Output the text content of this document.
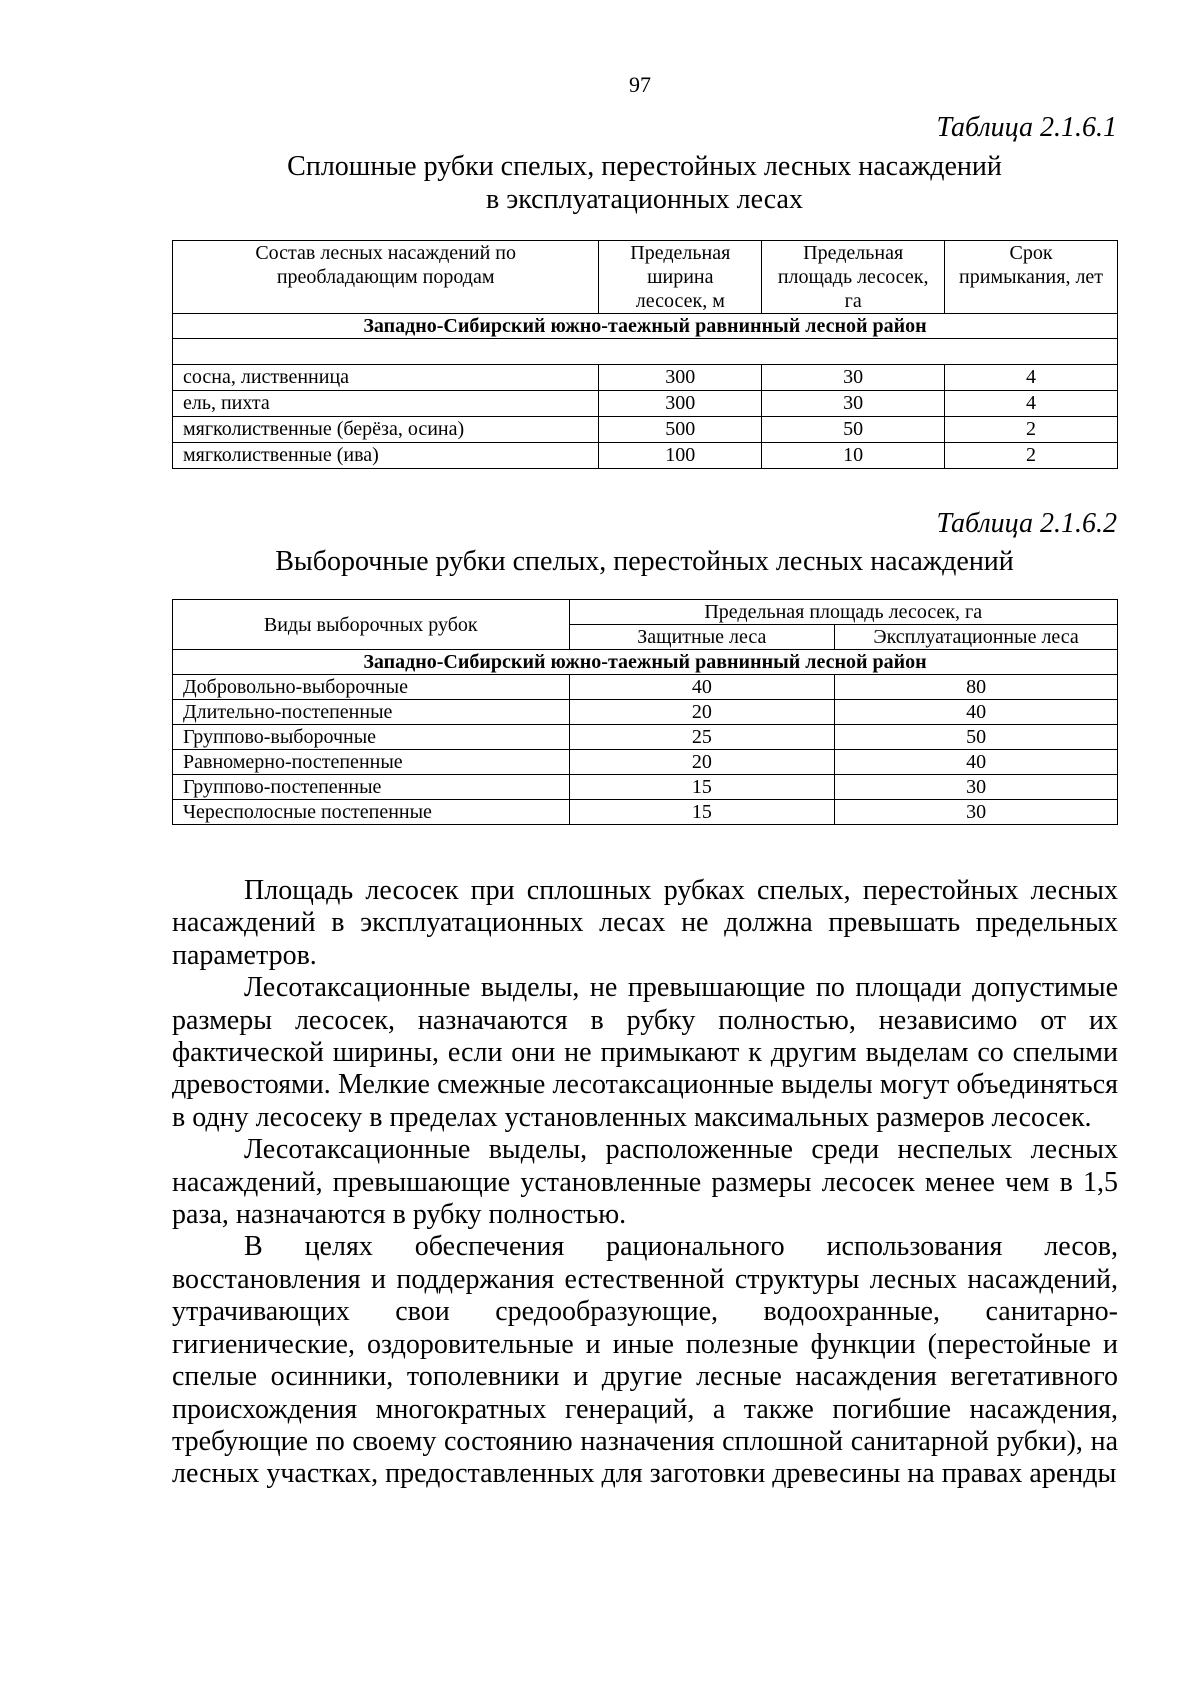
97
Таблица 2.1.6.1
Сплошные рубки спелых, перестойных лесных насаждений
в эксплуатационных лесах
Состав лесных насаждений по преобладающим породам	Предельная ширина лесосек, м	Предельная площадь лесосек, га	Срок примыкания, лет
Западно-Сибирский южно-таежный равнинный лесной район			

сосна, лиственница	300	30	4
ель, пихта	300	30	4
мягколиственные (берёза, осина)	500	50	2
мягколиственные (ива)	100	10	2
Таблица 2.1.6.2
Выборочные рубки спелых, перестойных лесных насаждений
Виды выборочных рубок	Предельная площадь лесосек, га	
	Защитные леса	Эксплуатационные леса
Западно-Сибирский южно-таежный равнинный лесной район		
Добровольно-выборочные	40	80
Длительно-постепенные	20	40
Группово-выборочные	25	50
Равномерно-постепенные	20	40
Группово-постепенные	15	30
Чересполосные постепенные	15	30

Площадь лесосек при сплошных рубках спелых, перестойных лесных насаждений в эксплуатационных лесах не должна превышать предельных параметров.

Лесотаксационные выделы, не превышающие по площади допустимые размеры лесосек, назначаются в рубку полностью, независимо от их фактической ширины, если они не примыкают к другим выделам со спелыми древостоями. Мелкие смежные лесотаксационные выделы могут объединяться в одну лесосеку в пределах установленных максимальных размеров лесосек.

Лесотаксационные выделы, расположенные среди неспелых лесных насаждений, превышающие установленные размеры лесосек менее чем в 1,5 раза, назначаются в рубку полностью.

В целях обеспечения рационального использования лесов, восстановления и поддержания естественной структуры лесных насаждений, утрачивающих свои средообразующие, водоохранные, санитарно-гигиенические, оздоровительные и иные полезные функции (перестойные и спелые осинники, тополевники и другие лесные насаждения вегетативного происхождения многократных генераций, а также погибшие насаждения, требующие по своему состоянию назначения сплошной санитарной рубки), на лесных участках, предоставленных для заготовки древесины на правах аренды
